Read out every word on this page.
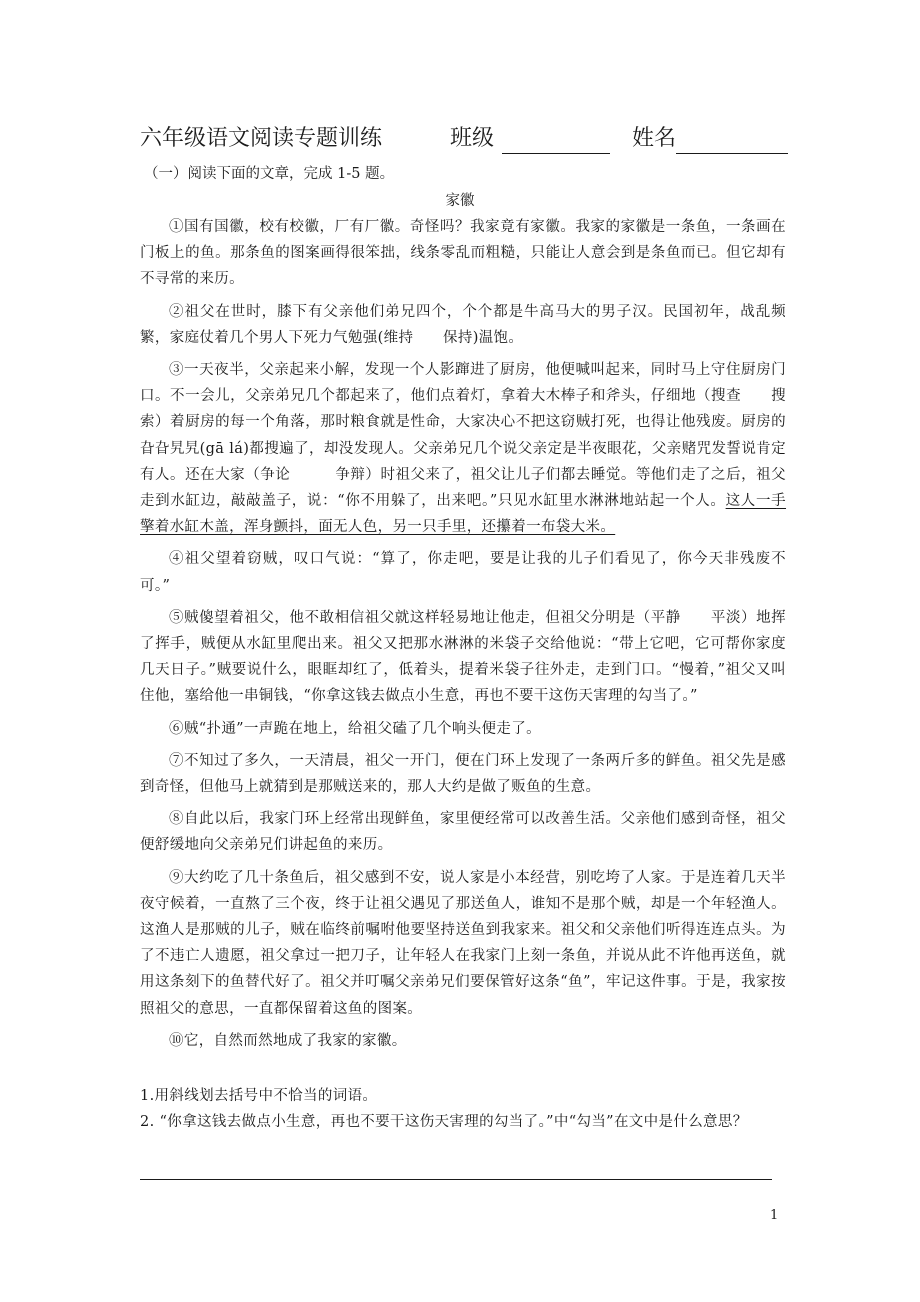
六年级语文阅读专题训练	班级	姓名
（一）阅读下面的文章，完成 1-5 题。
家徽

①国有国徽，校有校徽，厂有厂徽。奇怪吗？我家竟有家徽。我家的家徽是一条鱼，一条画在门板上的鱼。那条鱼的图案画得很笨拙，线条零乱而粗糙，只能让人意会到是条鱼而已。但它却有不寻常的来历。

②祖父在世时，膝下有父亲他们弟兄四个，个个都是牛高马大的男子汉。民国初年，战乱频繁，家庭仗着几个男人下死力气勉强(维持　　保持)温饱。

③一天夜半，父亲起来小解，发现一个人影蹿进了厨房，他便喊叫起来，同时马上守住厨房门口。不一会儿，父亲弟兄几个都起来了，他们点着灯，拿着大木棒子和斧头，仔细地（搜查　　搜索）着厨房的每一个角落，那时粮食就是性命，大家决心不把这窃贼打死，也得让他残废。厨房的旮旮旯旯(gā lá)都搜遍了，却没发现人。父亲弟兄几个说父亲定是半夜眼花，父亲赌咒发誓说肯定有人。还在大家（争论　　　争辩）时祖父来了，祖父让儿子们都去睡觉。等他们走了之后，祖父走到水缸边，敲敲盖子，说：“你不用躲了，出来吧。”只见水缸里水淋淋地站起一个人。这人一手擎着水缸木盖，浑身颤抖，面无人色，另一只手里，还攥着一布袋大米。

④祖父望着窃贼，叹口气说：“算了，你走吧，要是让我的儿子们看见了，你今天非残废不可。”

⑤贼傻望着祖父，他不敢相信祖父就这样轻易地让他走，但祖父分明是（平静　　平淡）地挥了挥手，贼便从水缸里爬出来。祖父又把那水淋淋的米袋子交给他说：“带上它吧，它可帮你家度几天日子。”贼要说什么，眼眶却红了，低着头，提着米袋子往外走，走到门口。“慢着，”祖父又叫住他，塞给他一串铜钱，“你拿这钱去做点小生意，再也不要干这伤天害理的勾当了。”

⑥贼“扑通”一声跪在地上，给祖父磕了几个响头便走了。

⑦不知过了多久，一天清晨，祖父一开门，便在门环上发现了一条两斤多的鲜鱼。祖父先是感到奇怪，但他马上就猜到是那贼送来的，那人大约是做了贩鱼的生意。

⑧自此以后，我家门环上经常出现鲜鱼，家里便经常可以改善生活。父亲他们感到奇怪，祖父便舒缓地向父亲弟兄们讲起鱼的来历。

⑨大约吃了几十条鱼后，祖父感到不安，说人家是小本经营，别吃垮了人家。于是连着几天半夜守候着，一直熬了三个夜，终于让祖父遇见了那送鱼人，谁知不是那个贼，却是一个年轻渔人。这渔人是那贼的儿子，贼在临终前嘱咐他要坚持送鱼到我家来。祖父和父亲他们听得连连点头。为了不违亡人遗愿，祖父拿过一把刀子，让年轻人在我家门上刻一条鱼，并说从此不许他再送鱼，就用这条刻下的鱼替代好了。祖父并叮嘱父亲弟兄们要保管好这条“鱼”，牢记这件事。于是，我家按照祖父的意思，一直都保留着这鱼的图案。

⑩它，自然而然地成了我家的家徽。

1.用斜线划去括号中不恰当的词语。

2. “你拿这钱去做点小生意，再也不要干这伤天害理的勾当了。”中“勾当”在文中是什么意思？

1
